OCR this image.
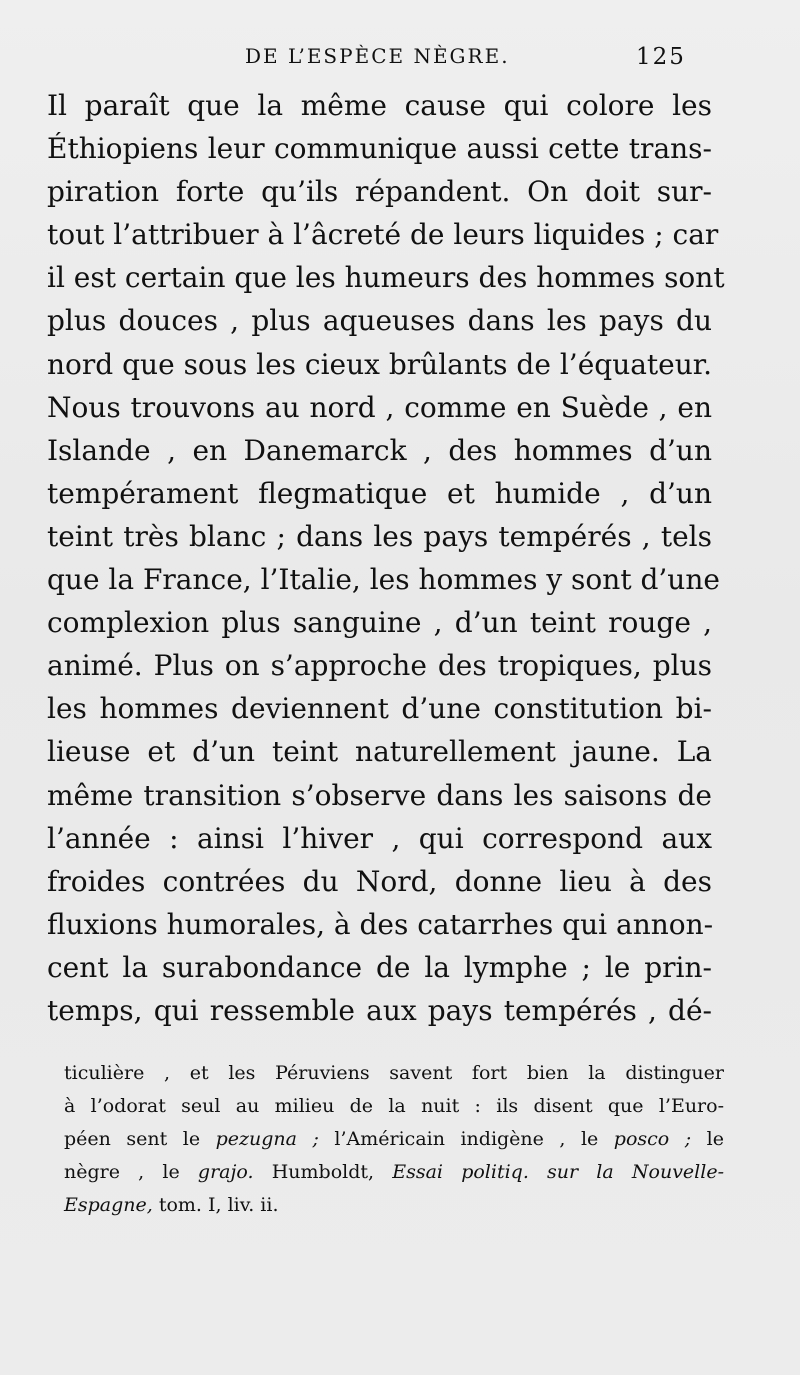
DE L’ESPÈCE NÈGRE.	125
Il paraît que la même cause qui colore les
Éthiopiens leur communique aussi cette trans-
piration forte qu’ils répandent. On doit sur-
tout l’attribuer à l’âcreté de leurs liquides ; car
il est certain que les humeurs des hommes sont
plus douces , plus aqueuses dans les pays du
nord que sous les cieux brûlants de l’équateur.
Nous trouvons au nord , comme en Suède , en
Islande , en Danemarck , des hommes d’un
tempérament flegmatique et humide , d’un
teint très blanc ; dans les pays tempérés , tels
que la France, l’Italie, les hommes y sont d’une
complexion plus sanguine , d’un teint rouge ,
animé. Plus on s’approche des tropiques, plus
les hommes deviennent d’une constitution bi-
lieuse et d’un teint naturellement jaune. La
même transition s’observe dans les saisons de
l’année : ainsi l’hiver , qui correspond aux
froides contrées du Nord, donne lieu à des
fluxions humorales, à des catarrhes qui annon-
cent la surabondance de la lymphe ; le prin-
temps, qui ressemble aux pays tempérés , dé-
ticulière , et les Péruviens savent fort bien la distinguer
à l’odorat seul au milieu de la nuit : ils disent que l’Euro-
péen sent le pezugna ; l’Américain indigène , le posco ; le
nègre , le grajo. Humboldt, Essai politiq. sur la Nouvelle-
Espagne, tom. I, liv. ii.
